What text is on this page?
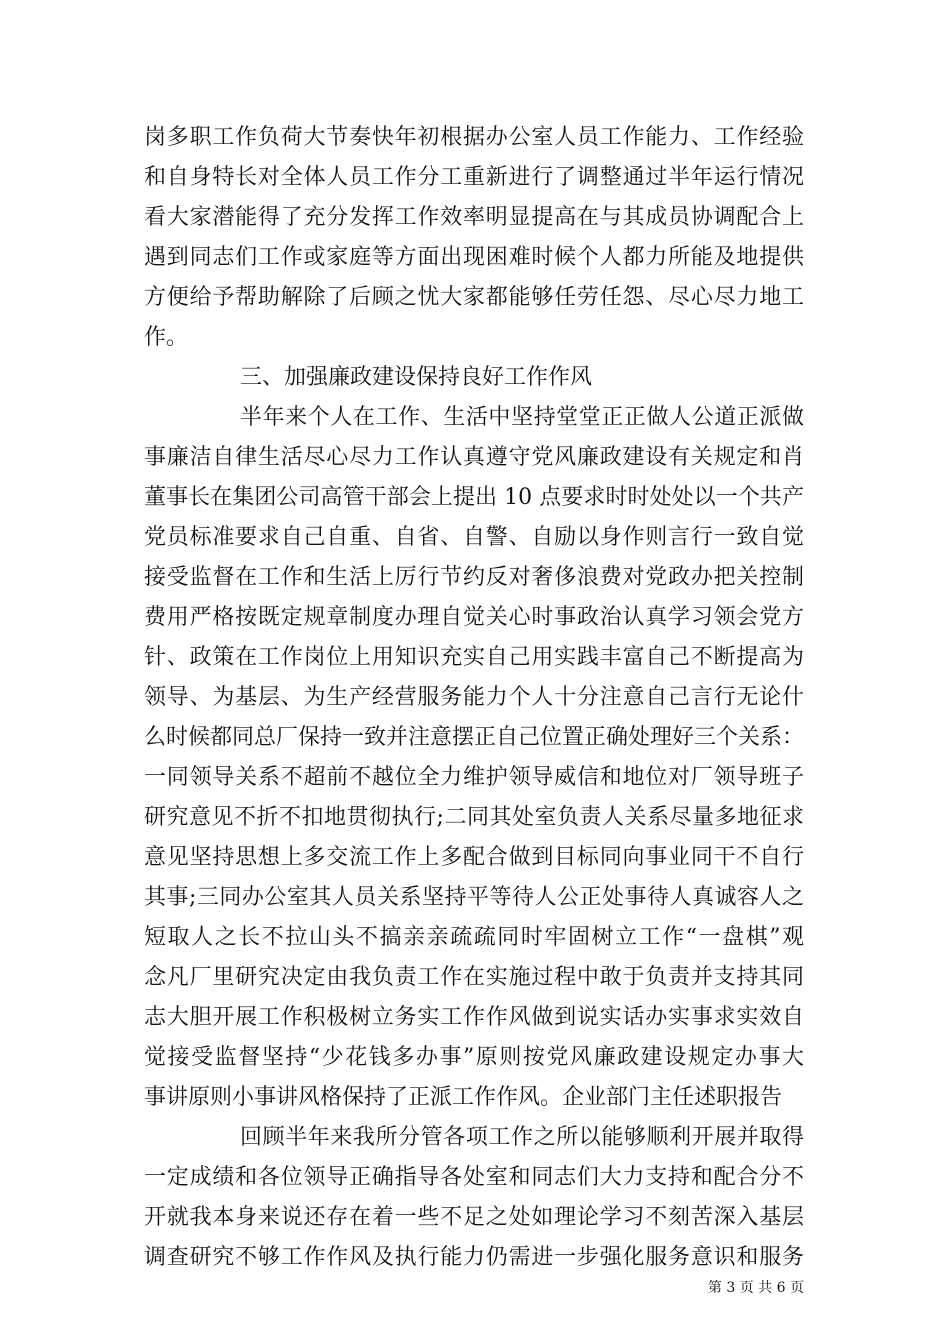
岗多职工作负荷大节奏快年初根据办公室人员工作能力、工作经验
和自身特长对全体人员工作分工重新进行了调整通过半年运行情况
看大家潜能得了充分发挥工作效率明显提高在与其成员协调配合上
遇到同志们工作或家庭等方面出现困难时候个人都力所能及地提供
方便给予帮助解除了后顾之忧大家都能够任劳任怨、尽心尽力地工
作。
三、加强廉政建设保持良好工作作风
半年来个人在工作、生活中坚持堂堂正正做人公道正派做
事廉洁自律生活尽心尽力工作认真遵守党风廉政建设有关规定和肖
董事长在集团公司高管干部会上提出 10 点要求时时处处以一个共产
党员标准要求自己自重、自省、自警、自励以身作则言行一致自觉
接受监督在工作和生活上厉行节约反对奢侈浪费对党政办把关控制
费用严格按既定规章制度办理自觉关心时事政治认真学习领会党方
针、政策在工作岗位上用知识充实自己用实践丰富自己不断提高为
领导、为基层、为生产经营服务能力个人十分注意自己言行无论什
么时候都同总厂保持一致并注意摆正自己位置正确处理好三个关系：
一同领导关系不超前不越位全力维护领导威信和地位对厂领导班子
研究意见不折不扣地贯彻执行;二同其处室负责人关系尽量多地征求
意见坚持思想上多交流工作上多配合做到目标同向事业同干不自行
其事;三同办公室其人员关系坚持平等待人公正处事待人真诚容人之
短取人之长不拉山头不搞亲亲疏疏同时牢固树立工作“一盘棋”观
念凡厂里研究决定由我负责工作在实施过程中敢于负责并支持其同
志大胆开展工作积极树立务实工作作风做到说实话办实事求实效自
觉接受监督坚持“少花钱多办事”原则按党风廉政建设规定办事大
事讲原则小事讲风格保持了正派工作作风。企业部门主任述职报告
回顾半年来我所分管各项工作之所以能够顺利开展并取得
一定成绩和各位领导正确指导各处室和同志们大力支持和配合分不
开就我本身来说还存在着一些不足之处如理论学习不刻苦深入基层
调查研究不够工作作风及执行能力仍需进一步强化服务意识和服务
第 3 页 共 6 页
